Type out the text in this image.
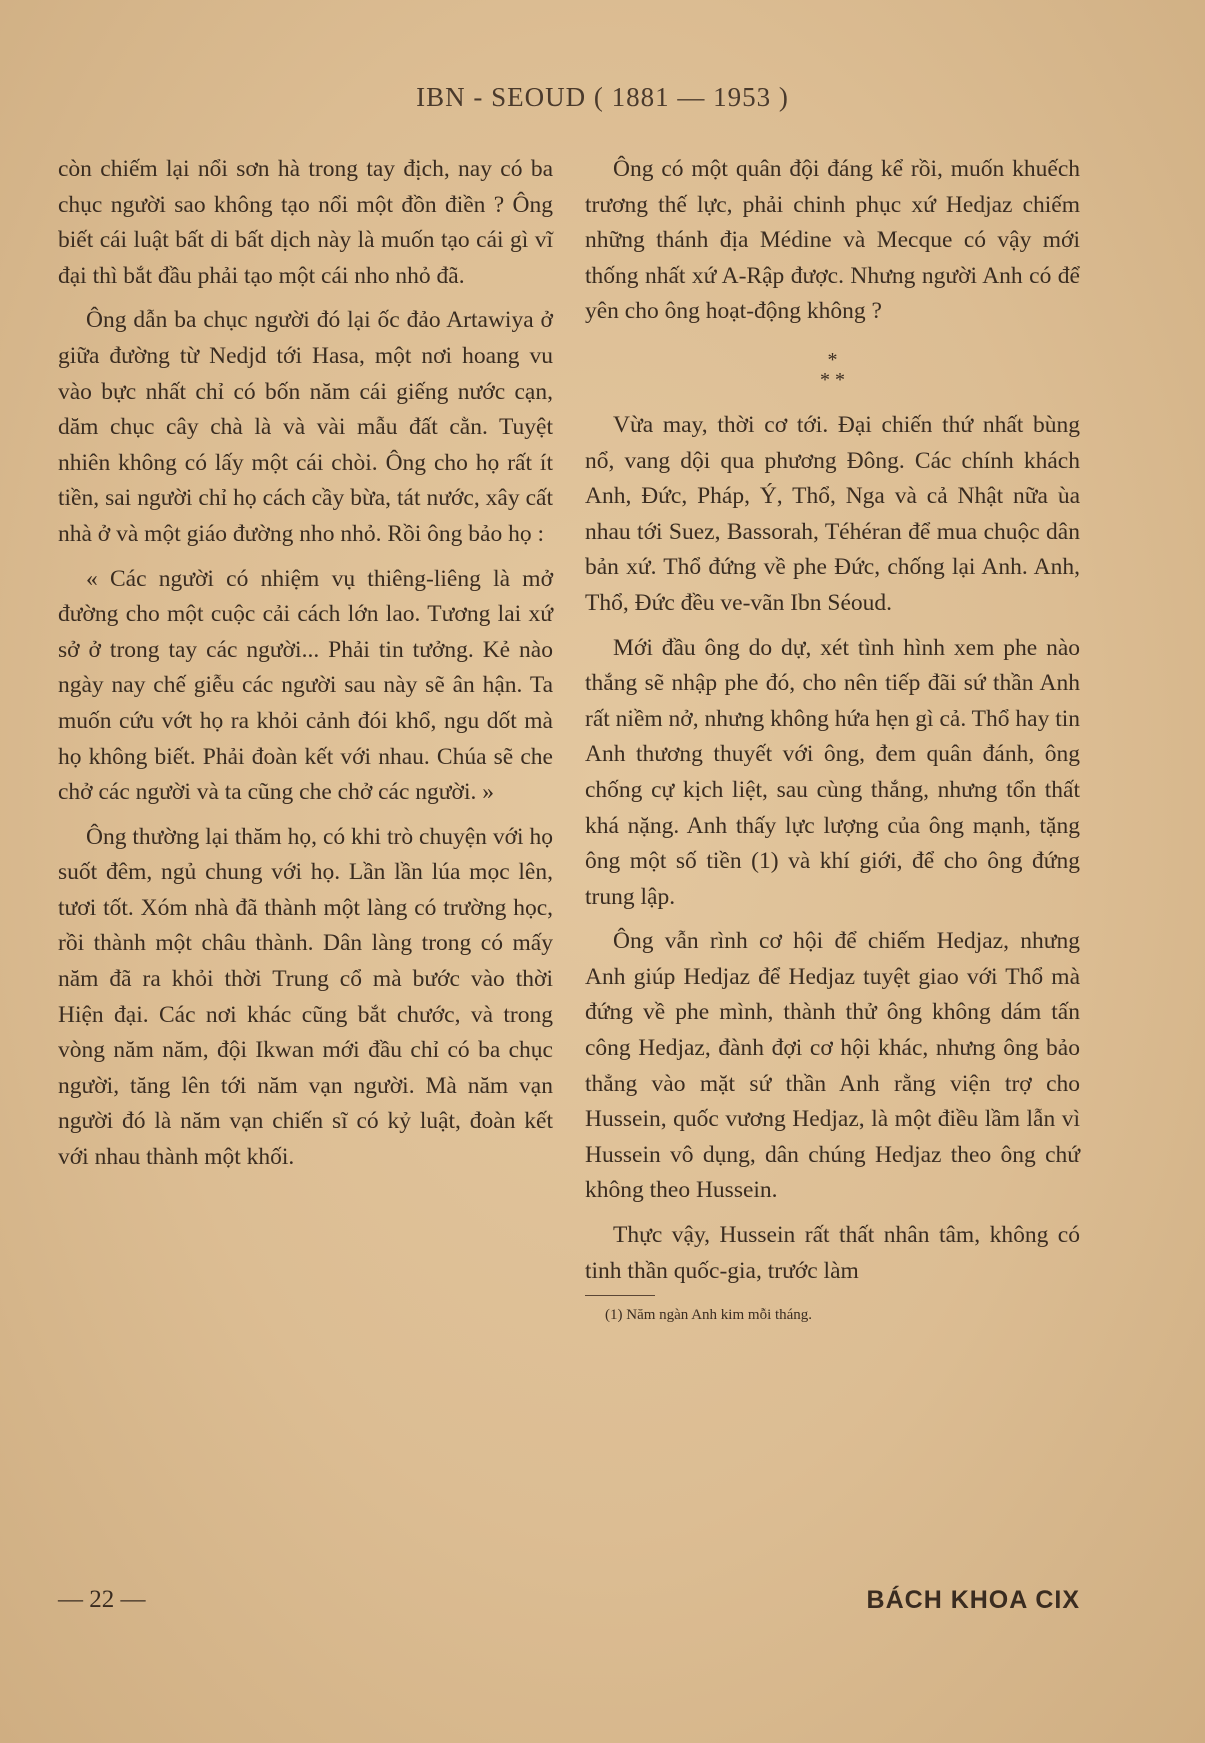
IBN - SEOUD ( 1881 — 1953 )

còn chiếm lại nổi sơn hà trong tay địch, nay có ba chục người sao không tạo nổi một đồn điền ? Ông biết cái luật bất di bất dịch này là muốn tạo cái gì vĩ đại thì bắt đầu phải tạo một cái nho nhỏ đã.

Ông dẫn ba chục người đó lại ốc đảo Artawiya ở giữa đường từ Nedjd tới Hasa, một nơi hoang vu vào bực nhất chỉ có bốn năm cái giếng nước cạn, dăm chục cây chà là và vài mẫu đất cằn. Tuyệt nhiên không có lấy một cái chòi. Ông cho họ rất ít tiền, sai người chỉ họ cách cầy bừa, tát nước, xây cất nhà ở và một giáo đường nho nhỏ. Rồi ông bảo họ :

« Các người có nhiệm vụ thiêng-liêng là mở đường cho một cuộc cải cách lớn lao. Tương lai xứ sở ở trong tay các người... Phải tin tưởng. Kẻ nào ngày nay chế giễu các người sau này sẽ ân hận. Ta muốn cứu vớt họ ra khỏi cảnh đói khổ, ngu dốt mà họ không biết. Phải đoàn kết với nhau. Chúa sẽ che chở các người và ta cũng che chở các người. »

Ông thường lại thăm họ, có khi trò chuyện với họ suốt đêm, ngủ chung với họ. Lần lần lúa mọc lên, tươi tốt. Xóm nhà đã thành một làng có trường học, rồi thành một châu thành. Dân làng trong có mấy năm đã ra khỏi thời Trung cổ mà bước vào thời Hiện đại. Các nơi khác cũng bắt chước, và trong vòng năm năm, đội Ikwan mới đầu chỉ có ba chục người, tăng lên tới năm vạn người. Mà năm vạn người đó là năm vạn chiến sĩ có kỷ luật, đoàn kết với nhau thành một khối.

Ông có một quân đội đáng kể rồi, muốn khuếch trương thế lực, phải chinh phục xứ Hedjaz chiếm những thánh địa Médine và Mecque có vậy mới thống nhất xứ A-Rập được. Nhưng người Anh có để yên cho ông hoạt-động không ?

*
* *

Vừa may, thời cơ tới. Đại chiến thứ nhất bùng nổ, vang dội qua phương Đông. Các chính khách Anh, Đức, Pháp, Ý, Thổ, Nga và cả Nhật nữa ùa nhau tới Suez, Bassorah, Téhéran để mua chuộc dân bản xứ. Thổ đứng về phe Đức, chống lại Anh. Anh, Thổ, Đức đều ve-vãn Ibn Séoud.

Mới đầu ông do dự, xét tình hình xem phe nào thắng sẽ nhập phe đó, cho nên tiếp đãi sứ thần Anh rất niềm nở, nhưng không hứa hẹn gì cả. Thổ hay tin Anh thương thuyết với ông, đem quân đánh, ông chống cự kịch liệt, sau cùng thắng, nhưng tổn thất khá nặng. Anh thấy lực lượng của ông mạnh, tặng ông một số tiền (1) và khí giới, để cho ông đứng trung lập.

Ông vẫn rình cơ hội để chiếm Hedjaz, nhưng Anh giúp Hedjaz để Hedjaz tuyệt giao với Thổ mà đứng về phe mình, thành thử ông không dám tấn công Hedjaz, đành đợi cơ hội khác, nhưng ông bảo thẳng vào mặt sứ thần Anh rằng viện trợ cho Hussein, quốc vương Hedjaz, là một điều lầm lẫn vì Hussein vô dụng, dân chúng Hedjaz theo ông chứ không theo Hussein.

Thực vậy, Hussein rất thất nhân tâm, không có tinh thần quốc-gia, trước làm

(1) Năm ngàn Anh kim mỗi tháng.
— 22 —	BÁCH KHOA CIX
